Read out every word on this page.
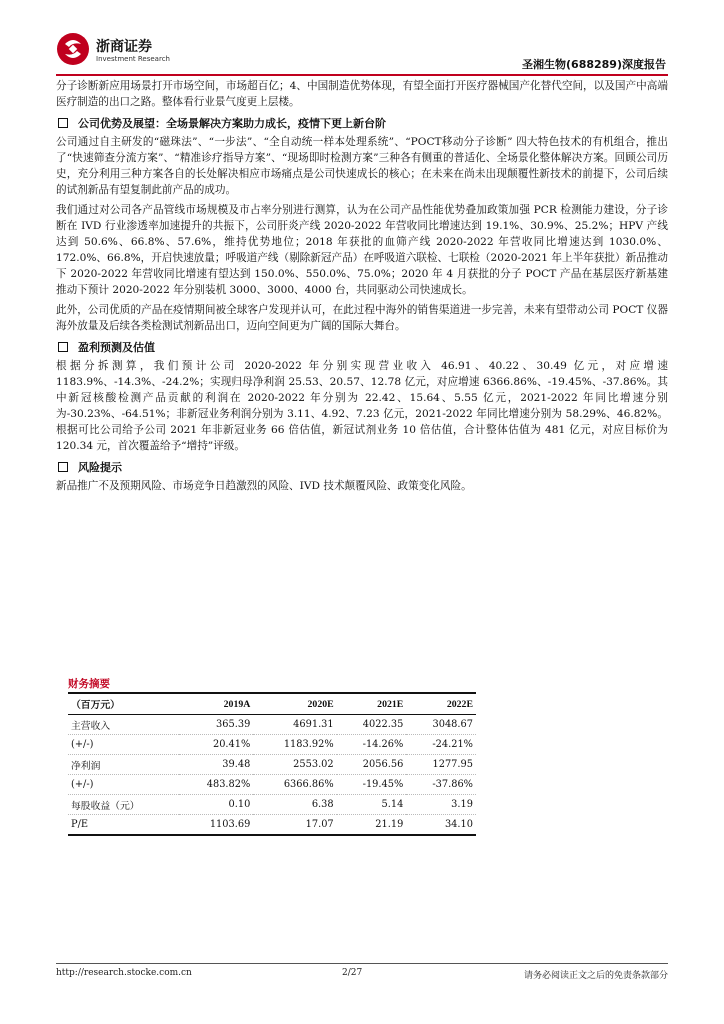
浙商证券
Investment Research	圣湘生物(688289)深度报告

分子诊断新应用场景打开市场空间，市场超百亿；4、中国制造优势体现，有望全面打开医疗器械国产化替代空间，以及国产中高端医疗制造的出口之路。整体看行业景气度更上层楼。

公司优势及展望：全场景解决方案助力成长，疫情下更上新台阶

公司通过自主研发的“磁珠法”、“一步法”、“全自动统一样本处理系统”、“POCT移动分子诊断” 四大特色技术的有机组合，推出了“快速筛查分流方案”、“精准诊疗指导方案”、“现场即时检测方案”三种各有侧重的普适化、全场景化整体解决方案。回顾公司历史，充分利用三种方案各自的长处解决相应市场痛点是公司快速成长的核心；在未来在尚未出现颠覆性新技术的前提下，公司后续的试剂新品有望复制此前产品的成功。

我们通过对公司各产品管线市场规模及市占率分别进行测算，认为在公司产品性能优势叠加政策加强 PCR 检测能力建设，分子诊断在 IVD 行业渗透率加速提升的共振下，公司肝炎产线 2020-2022 年营收同比增速达到 19.1%、30.9%、25.2%；HPV 产线达到 50.6%、66.8%、57.6%，维持优势地位；2018 年获批的血筛产线 2020-2022 年营收同比增速达到 1030.0%、172.0%、66.8%，开启快速放量；呼吸道产线（剔除新冠产品）在呼吸道六联检、七联检（2020-2021 年上半年获批）新品推动下 2020-2022 年营收同比增速有望达到 150.0%、550.0%、75.0%；2020 年 4 月获批的分子 POCT 产品在基层医疗新基建推动下预计 2020-2022 年分别装机 3000、3000、4000 台，共同驱动公司快速成长。

此外，公司优质的产品在疫情期间被全球客户发现并认可，在此过程中海外的销售渠道进一步完善，未来有望带动公司 POCT 仪器海外放量及后续各类检测试剂新品出口，迈向空间更为广阔的国际大舞台。

盈利预测及估值

根据分拆测算，我们预计公司 2020-2022 年分别实现营业收入 46.91、40.22、30.49 亿元，对应增速 1183.9%、-14.3%、-24.2%；实现归母净利润 25.53、20.57、12.78 亿元，对应增速 6366.86%、-19.45%、-37.86%。其中新冠核酸检测产品贡献的利润在 2020-2022 年分别为 22.42、15.64、5.55 亿元，2021-2022 年同比增速分别为-30.23%、-64.51%；非新冠业务利润分别为 3.11、4.92、7.23 亿元，2021-2022 年同比增速分别为 58.29%、46.82%。根据可比公司给予公司 2021 年非新冠业务 66 倍估值，新冠试剂业务 10 倍估值，合计整体估值为 481 亿元，对应目标价为 120.34 元，首次覆盖给予“增持”评级。

风险提示

新品推广不及预期风险、市场竞争日趋激烈的风险、IVD 技术颠覆风险、政策变化风险。

财务摘要
（百万元）	2019A	2020E	2021E	2022E
主营收入	365.39	4691.31	4022.35	3048.67
(+/-)	20.41%	1183.92%	-14.26%	-24.21%
净利润	39.48	2553.02	2056.56	1277.95
(+/-)	483.82%	6366.86%	-19.45%	-37.86%
每股收益（元）	0.10	6.38	5.14	3.19
P/E	1103.69	17.07	21.19	34.10
http://research.stocke.com.cn	2/27	请务必阅读正文之后的免责条款部分
